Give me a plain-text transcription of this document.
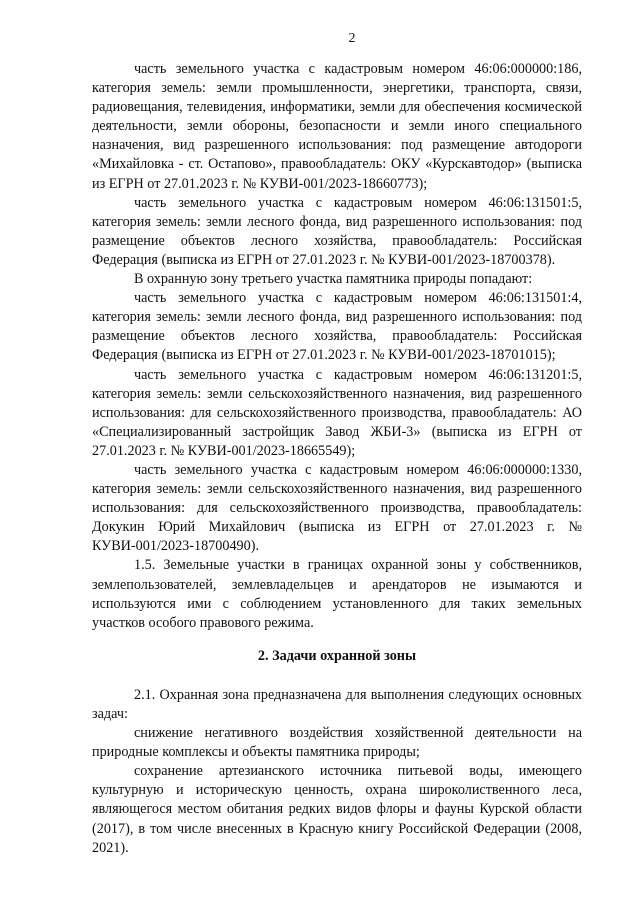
2

часть земельного участка с кадастровым номером 46:06:000000:186, категория земель: земли промышленности, энергетики, транспорта, связи, радиовещания, телевидения, информатики, земли для обеспечения космической деятельности, земли обороны, безопасности и земли иного специального назначения, вид разрешенного использования: под размещение автодороги «Михайловка - ст. Остапово», правообладатель: ОКУ «Курскавтодор» (выписка из ЕГРН от 27.01.2023 г. № КУВИ-001/2023-18660773);

часть земельного участка с кадастровым номером 46:06:131501:5, категория земель: земли лесного фонда, вид разрешенного использования: под размещение объектов лесного хозяйства, правообладатель: Российская Федерация (выписка из ЕГРН от 27.01.2023 г. № КУВИ-001/2023-18700378).

В охранную зону третьего участка памятника природы попадают:

часть земельного участка с кадастровым номером 46:06:131501:4, категория земель: земли лесного фонда, вид разрешенного использования: под размещение объектов лесного хозяйства, правообладатель: Российская Федерация (выписка из ЕГРН от 27.01.2023 г. № КУВИ-001/2023-18701015);

часть земельного участка с кадастровым номером 46:06:131201:5, категория земель: земли сельскохозяйственного назначения, вид разрешенного использования: для сельскохозяйственного производства, правообладатель: АО «Специализированный застройщик Завод ЖБИ-3» (выписка из ЕГРН от 27.01.2023 г. № КУВИ-001/2023-18665549);

часть земельного участка с кадастровым номером 46:06:000000:1330, категория земель: земли сельскохозяйственного назначения, вид разрешенного использования: для сельскохозяйственного производства, правообладатель: Докукин Юрий Михайлович (выписка из ЕГРН от 27.01.2023 г. № КУВИ-001/2023-18700490).

1.5. Земельные участки в границах охранной зоны у собственников, землепользователей, землевладельцев и арендаторов не изымаются и используются ими с соблюдением установленного для таких земельных участков особого правового режима.

2. Задачи охранной зоны

2.1. Охранная зона предназначена для выполнения следующих основных задач:

снижение негативного воздействия хозяйственной деятельности на природные комплексы и объекты памятника природы;

сохранение артезианского источника питьевой воды, имеющего культурную и историческую ценность, охрана широколиственного леса, являющегося местом обитания редких видов флоры и фауны Курской области (2017), в том числе внесенных в Красную книгу Российской Федерации (2008, 2021).
